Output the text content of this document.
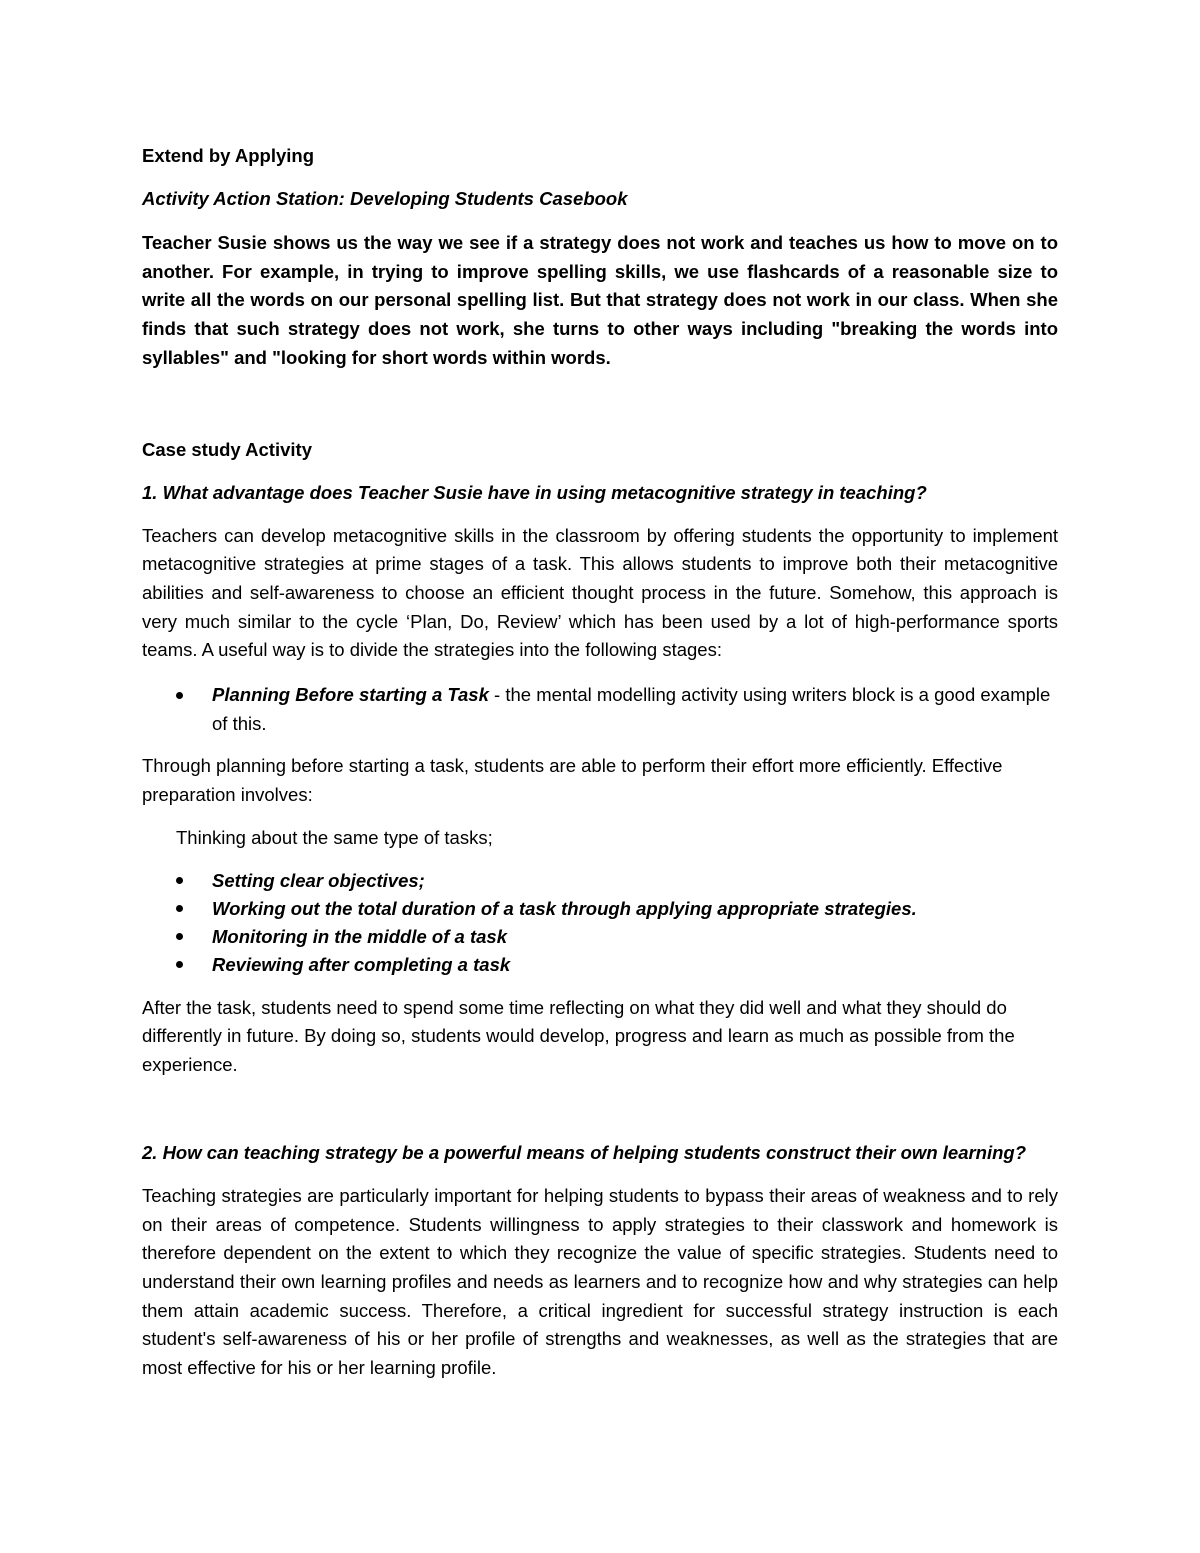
Extend by Applying

Activity Action Station: Developing Students Casebook

Teacher Susie shows us the way we see if a strategy does not work and teaches us how to move on to another. For example, in trying to improve spelling skills, we use flashcards of a reasonable size to write all the words on our personal spelling list. But that strategy does not work in our class. When she finds that such strategy does not work, she turns to other ways including "breaking the words into syllables" and "looking for short words within words.

Case study Activity

1. What advantage does Teacher Susie have in using metacognitive strategy in teaching?

Teachers can develop metacognitive skills in the classroom by offering students the opportunity to implement metacognitive strategies at prime stages of a task. This allows students to improve both their metacognitive abilities and self-awareness to choose an efficient thought process in the future. Somehow, this approach is very much similar to the cycle ‘Plan, Do, Review’ which has been used by a lot of high-performance sports teams. A useful way is to divide the strategies into the following stages:

Planning Before starting a Task - the mental modelling activity using writers block is a good example of this.

Through planning before starting a task, students are able to perform their effort more efficiently. Effective preparation involves:

Thinking about the same type of tasks;

Setting clear objectives;
Working out the total duration of a task through applying appropriate strategies.
Monitoring in the middle of a task
Reviewing after completing a task

After the task, students need to spend some time reflecting on what they did well and what they should do differently in future. By doing so, students would develop, progress and learn as much as possible from the experience.

2. How can teaching strategy be a powerful means of helping students construct their own learning?

Teaching strategies are particularly important for helping students to bypass their areas of weakness and to rely on their areas of competence. Students willingness to apply strategies to their classwork and homework is therefore dependent on the extent to which they recognize the value of specific strategies. Students need to understand their own learning profiles and needs as learners and to recognize how and why strategies can help them attain academic success. Therefore, a critical ingredient for successful strategy instruction is each student's self-awareness of his or her profile of strengths and weaknesses, as well as the strategies that are most effective for his or her learning profile.
